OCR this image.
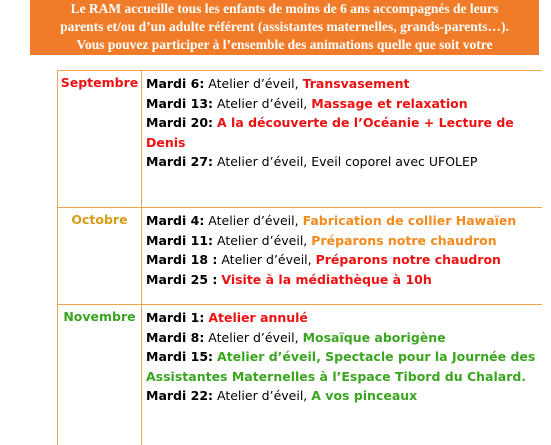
Le RAM accueille tous les enfants de moins de 6 ans accompagnés de leurs
parents et/ou d’un adulte référent (assistantes maternelles, grands-parents…).
Vous pouvez participer à l’ensemble des animations quelle que soit votre
Septembre Mardi 6: Atelier d’éveil, Transvasement

Mardi 13: Atelier d’éveil, Massage et relaxation

Mardi 20: A la découverte de l’Océanie + Lecture de Denis

Mardi 27: Atelier d’éveil, Eveil coporel avec UFOLEP

Octobre	Mardi 4: Atelier d’éveil, Fabrication de collier Hawaïen

Mardi 11: Atelier d’éveil, Préparons notre chaudron

Mardi 18 : Atelier d’éveil, Préparons notre chaudron

Mardi 25 : Visite à la médiathèque à 10h

Novembre Mardi 1: Atelier annulé

Mardi 8: Atelier d’éveil, Mosaïque aborigène

Mardi 15: Atelier d’éveil, Spectacle pour la Journée des Assistantes Maternelles à l’Espace Tibord du Chalard.

Mardi 22: Atelier d’éveil, A vos pinceaux
